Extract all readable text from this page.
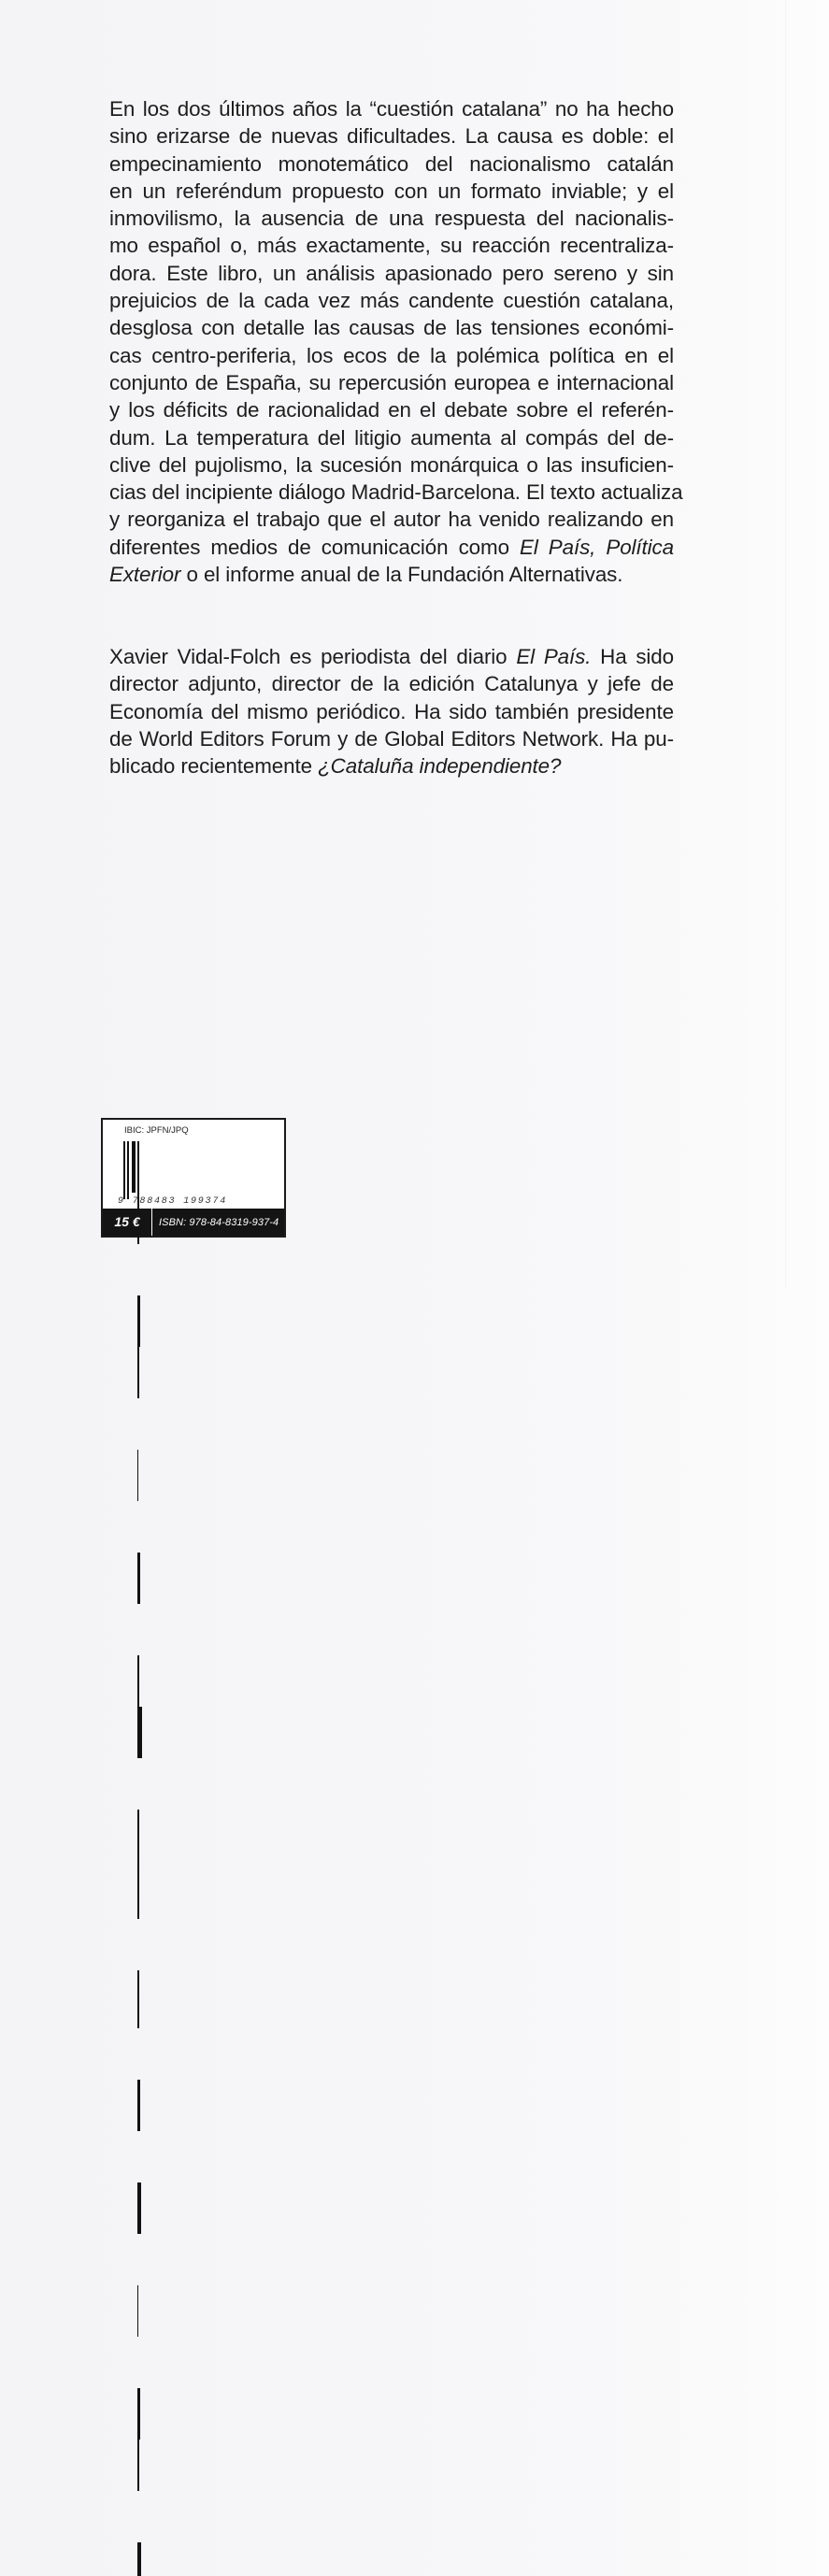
En los dos últimos años la “cuestión catalana” no ha hecho
sino erizarse de nuevas dificultades. La causa es doble: el
empecinamiento monotemático del nacionalismo catalán
en un referéndum propuesto con un formato inviable; y el
inmovilismo, la ausencia de una respuesta del nacionalis-
mo español o, más exactamente, su reacción recentraliza-
dora. Este libro, un análisis apasionado pero sereno y sin
prejuicios de la cada vez más candente cuestión catalana,
desglosa con detalle las causas de las tensiones económi-
cas centro-periferia, los ecos de la polémica política en el
conjunto de España, su repercusión europea e internacional
y los déficits de racionalidad en el debate sobre el referén-
dum. La temperatura del litigio aumenta al compás del de-
clive del pujolismo, la sucesión monárquica o las insuficien-
cias del incipiente diálogo Madrid-Barcelona. El texto actualiza
y reorganiza el trabajo que el autor ha venido realizando en
diferentes medios de comunicación como El País, Política
Exterior o el informe anual de la Fundación Alternativas.
Xavier Vidal-Folch es periodista del diario El País. Ha sido
director adjunto, director de la edición Catalunya y jefe de
Economía del mismo periódico. Ha sido también presidente
de World Editors Forum y de Global Editors Network. Ha pu-
blicado recientemente ¿Cataluña independiente?
IBIC: JPFN/JPQ
9 788483 199374
15 €	ISBN: 978-84-8319-937-4
